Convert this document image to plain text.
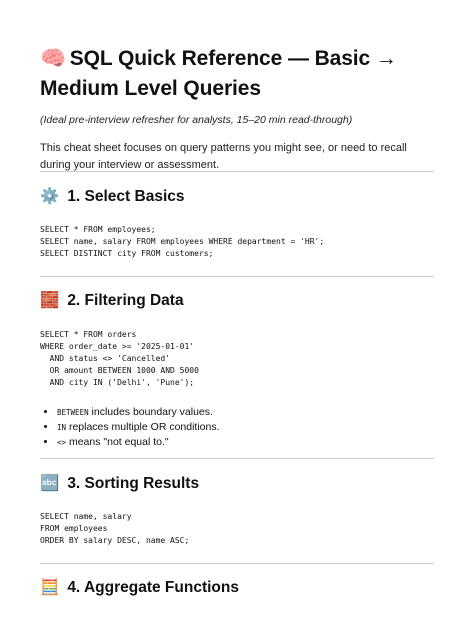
🧠 SQL Quick Reference — Basic → Medium Level Queries

(Ideal pre-interview refresher for analysts, 15–20 min read-through)

This cheat sheet focuses on query patterns you might see, or need to recall during your interview or assessment.

⚙️ 1. Select Basics
SELECT * FROM employees;
SELECT name, salary FROM employees WHERE department = 'HR';
SELECT DISTINCT city FROM customers;
🧱 2. Filtering Data
SELECT * FROM orders
WHERE order_date >= '2025-01-01'
AND status <> 'Cancelled'
OR amount BETWEEN 1000 AND 5000
AND city IN ('Delhi', 'Pune');
• BETWEEN includes boundary values.
• IN replaces multiple OR conditions.
• <> means "not equal to."
🔤 3. Sorting Results
SELECT name, salary
FROM employees
ORDER BY salary DESC, name ASC;
🧮 4. Aggregate Functions
